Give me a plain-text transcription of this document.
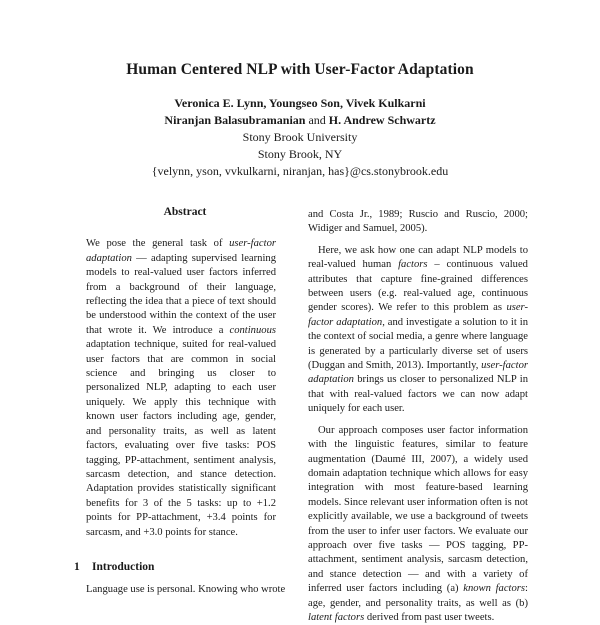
Human Centered NLP with User-Factor Adaptation
Veronica E. Lynn, Youngseo Son, Vivek Kulkarni
Niranjan Balasubramanian and H. Andrew Schwartz
Stony Brook University
Stony Brook, NY
{velynn, yson, vvkulkarni, niranjan, has}@cs.stonybrook.edu
Abstract

We pose the general task of user-factor adaptation — adapting supervised learning models to real-valued user factors inferred from a background of their language, reflecting the idea that a piece of text should be understood within the context of the user that wrote it. We introduce a continuous adaptation technique, suited for real-valued user factors that are common in social science and bringing us closer to personalized NLP, adapting to each user uniquely. We apply this technique with known user factors including age, gender, and personality traits, as well as latent factors, evaluating over five tasks: POS tagging, PP-attachment, sentiment analysis, sarcasm detection, and stance detection. Adaptation provides statistically significant benefits for 3 of the 5 tasks: up to +1.2 points for PP-attachment, +3.4 points for sarcasm, and +3.0 points for stance.

1 Introduction

Language use is personal. Knowing who wrote

and Costa Jr., 1989; Ruscio and Ruscio, 2000; Widiger and Samuel, 2005).

Here, we ask how one can adapt NLP models to real-valued human factors – continuous valued attributes that capture fine-grained differences between users (e.g. real-valued age, continuous gender scores). We refer to this problem as user-factor adaptation, and investigate a solution to it in the context of social media, a genre where language is generated by a particularly diverse set of users (Duggan and Smith, 2013). Importantly, user-factor adaptation brings us closer to personalized NLP in that with real-valued factors we can now adapt uniquely for each user.

Our approach composes user factor information with the linguistic features, similar to feature augmentation (Daumé III, 2007), a widely used domain adaptation technique which allows for easy integration with most feature-based learning models. Since relevant user information often is not explicitly available, we use a background of tweets from the user to infer user factors. We evaluate our approach over five tasks — POS tagging, PP-attachment, sentiment analysis, sarcasm detection, and stance detection — and with a variety of inferred user factors including (a) known factors: age, gender, and personality traits, as well as (b) latent factors derived from past user tweets.
